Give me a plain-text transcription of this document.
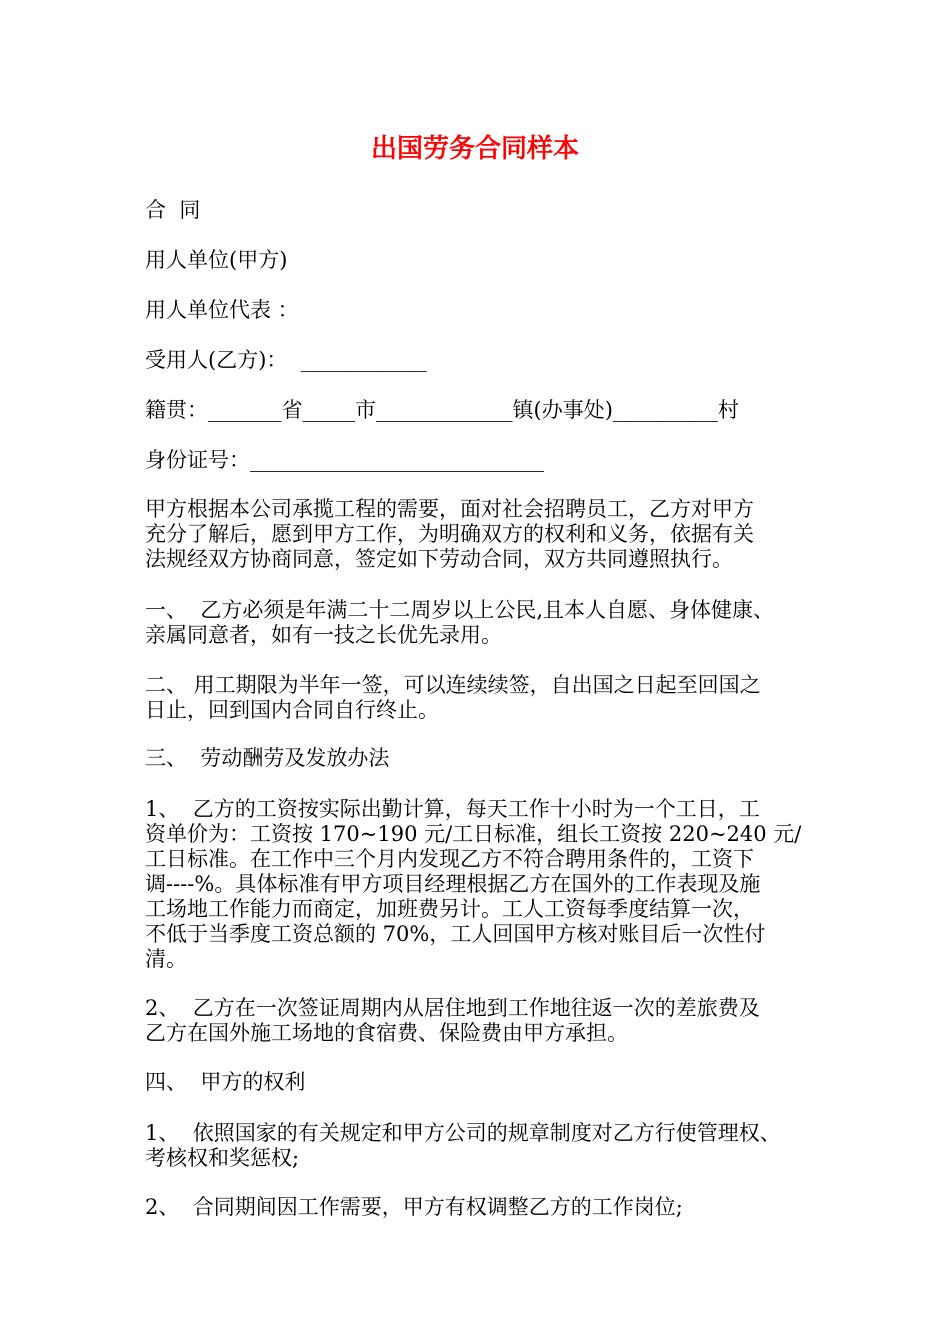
出国劳务合同样本

合  同

用人单位(甲方)

用人单位代表 ：

受用人(乙方)：  ____________

籍贯：_______省_____市_____________镇(办事处)__________村

身份证号：____________________________

甲方根据本公司承揽工程的需要，面对社会招聘员工，乙方对甲方
充分了解后，愿到甲方工作，为明确双方的权利和义务，依据有关
法规经双方协商同意，签定如下劳动合同，双方共同遵照执行。

一、  乙方必须是年满二十二周岁以上公民,且本人自愿、身体健康、
亲属同意者，如有一技之长优先录用。

二、 用工期限为半年一签，可以连续续签，自出国之日起至回国之
日止，回到国内合同自行终止。

三、  劳动酬劳及发放办法

1、  乙方的工资按实际出勤计算，每天工作十小时为一个工日，工
资单价为：工资按 170~190 元/工日标准，组长工资按 220~240 元/
工日标准。在工作中三个月内发现乙方不符合聘用条件的，工资下
调----%。具体标准有甲方项目经理根据乙方在国外的工作表现及施
工场地工作能力而商定，加班费另计。工人工资每季度结算一次，
不低于当季度工资总额的 70%，工人回国甲方核对账目后一次性付
清。

2、  乙方在一次签证周期内从居住地到工作地往返一次的差旅费及
乙方在国外施工场地的食宿费、保险费由甲方承担。

四、  甲方的权利

1、  依照国家的有关规定和甲方公司的规章制度对乙方行使管理权、
考核权和奖惩权;

2、  合同期间因工作需要，甲方有权调整乙方的工作岗位;
